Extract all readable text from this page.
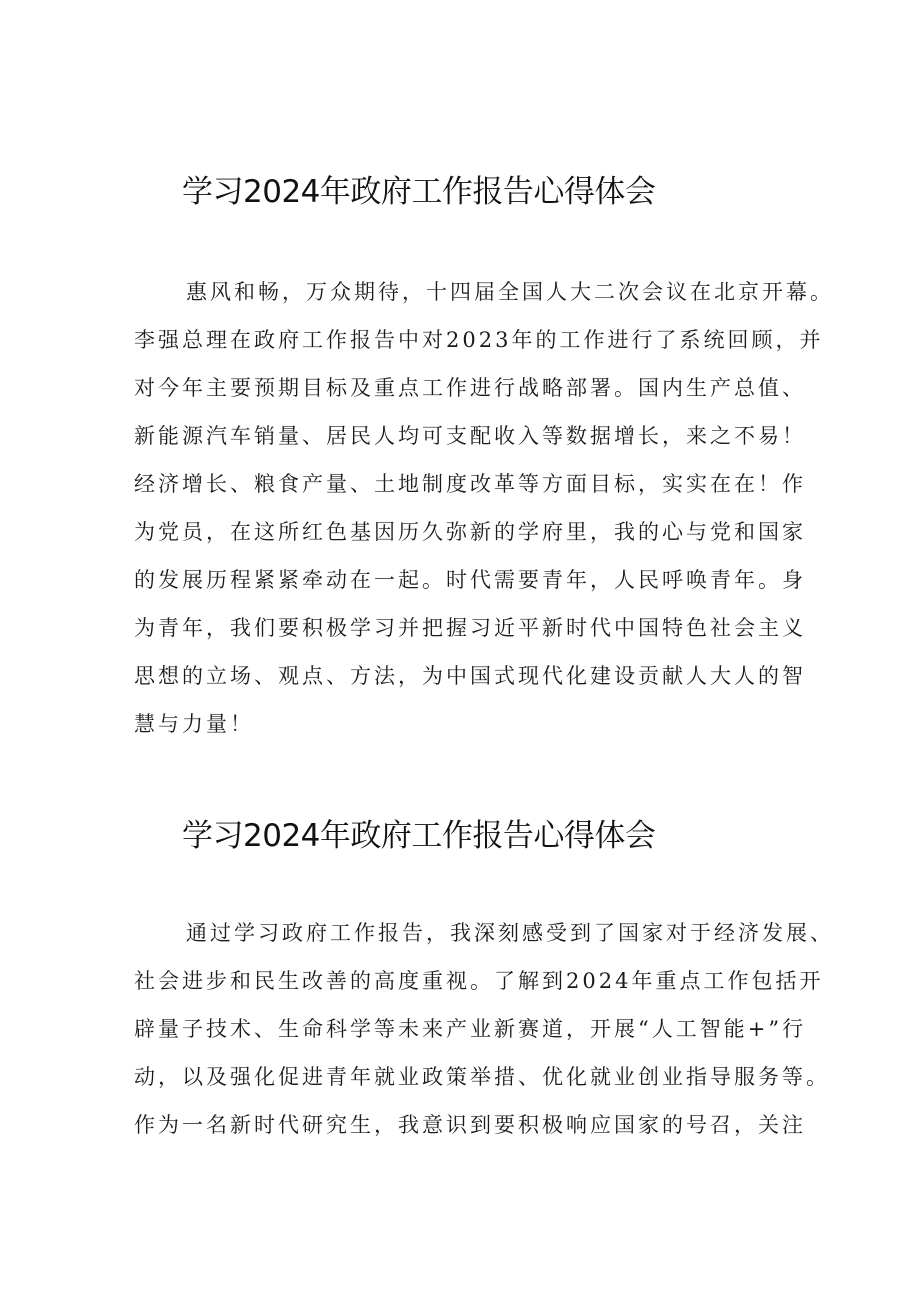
学习2024年政府工作报告心得体会
惠风和畅，万众期待，十四届全国人大二次会议在北京开幕。
李强总理在政府工作报告中对2023年的工作进行了系统回顾，并
对今年主要预期目标及重点工作进行战略部署。国内生产总值、
新能源汽车销量、居民人均可支配收入等数据增长，来之不易！
经济增长、粮食产量、土地制度改革等方面目标，实实在在！作
为党员，在这所红色基因历久弥新的学府里，我的心与党和国家
的发展历程紧紧牵动在一起。时代需要青年，人民呼唤青年。身
为青年，我们要积极学习并把握习近平新时代中国特色社会主义
思想的立场、观点、方法，为中国式现代化建设贡献人大人的智
慧与力量！
学习2024年政府工作报告心得体会
通过学习政府工作报告，我深刻感受到了国家对于经济发展、
社会进步和民生改善的高度重视。了解到2024年重点工作包括开
辟量子技术、生命科学等未来产业新赛道，开展“人工智能+”行
动，以及强化促进青年就业政策举措、优化就业创业指导服务等。
作为一名新时代研究生，我意识到要积极响应国家的号召，关注
